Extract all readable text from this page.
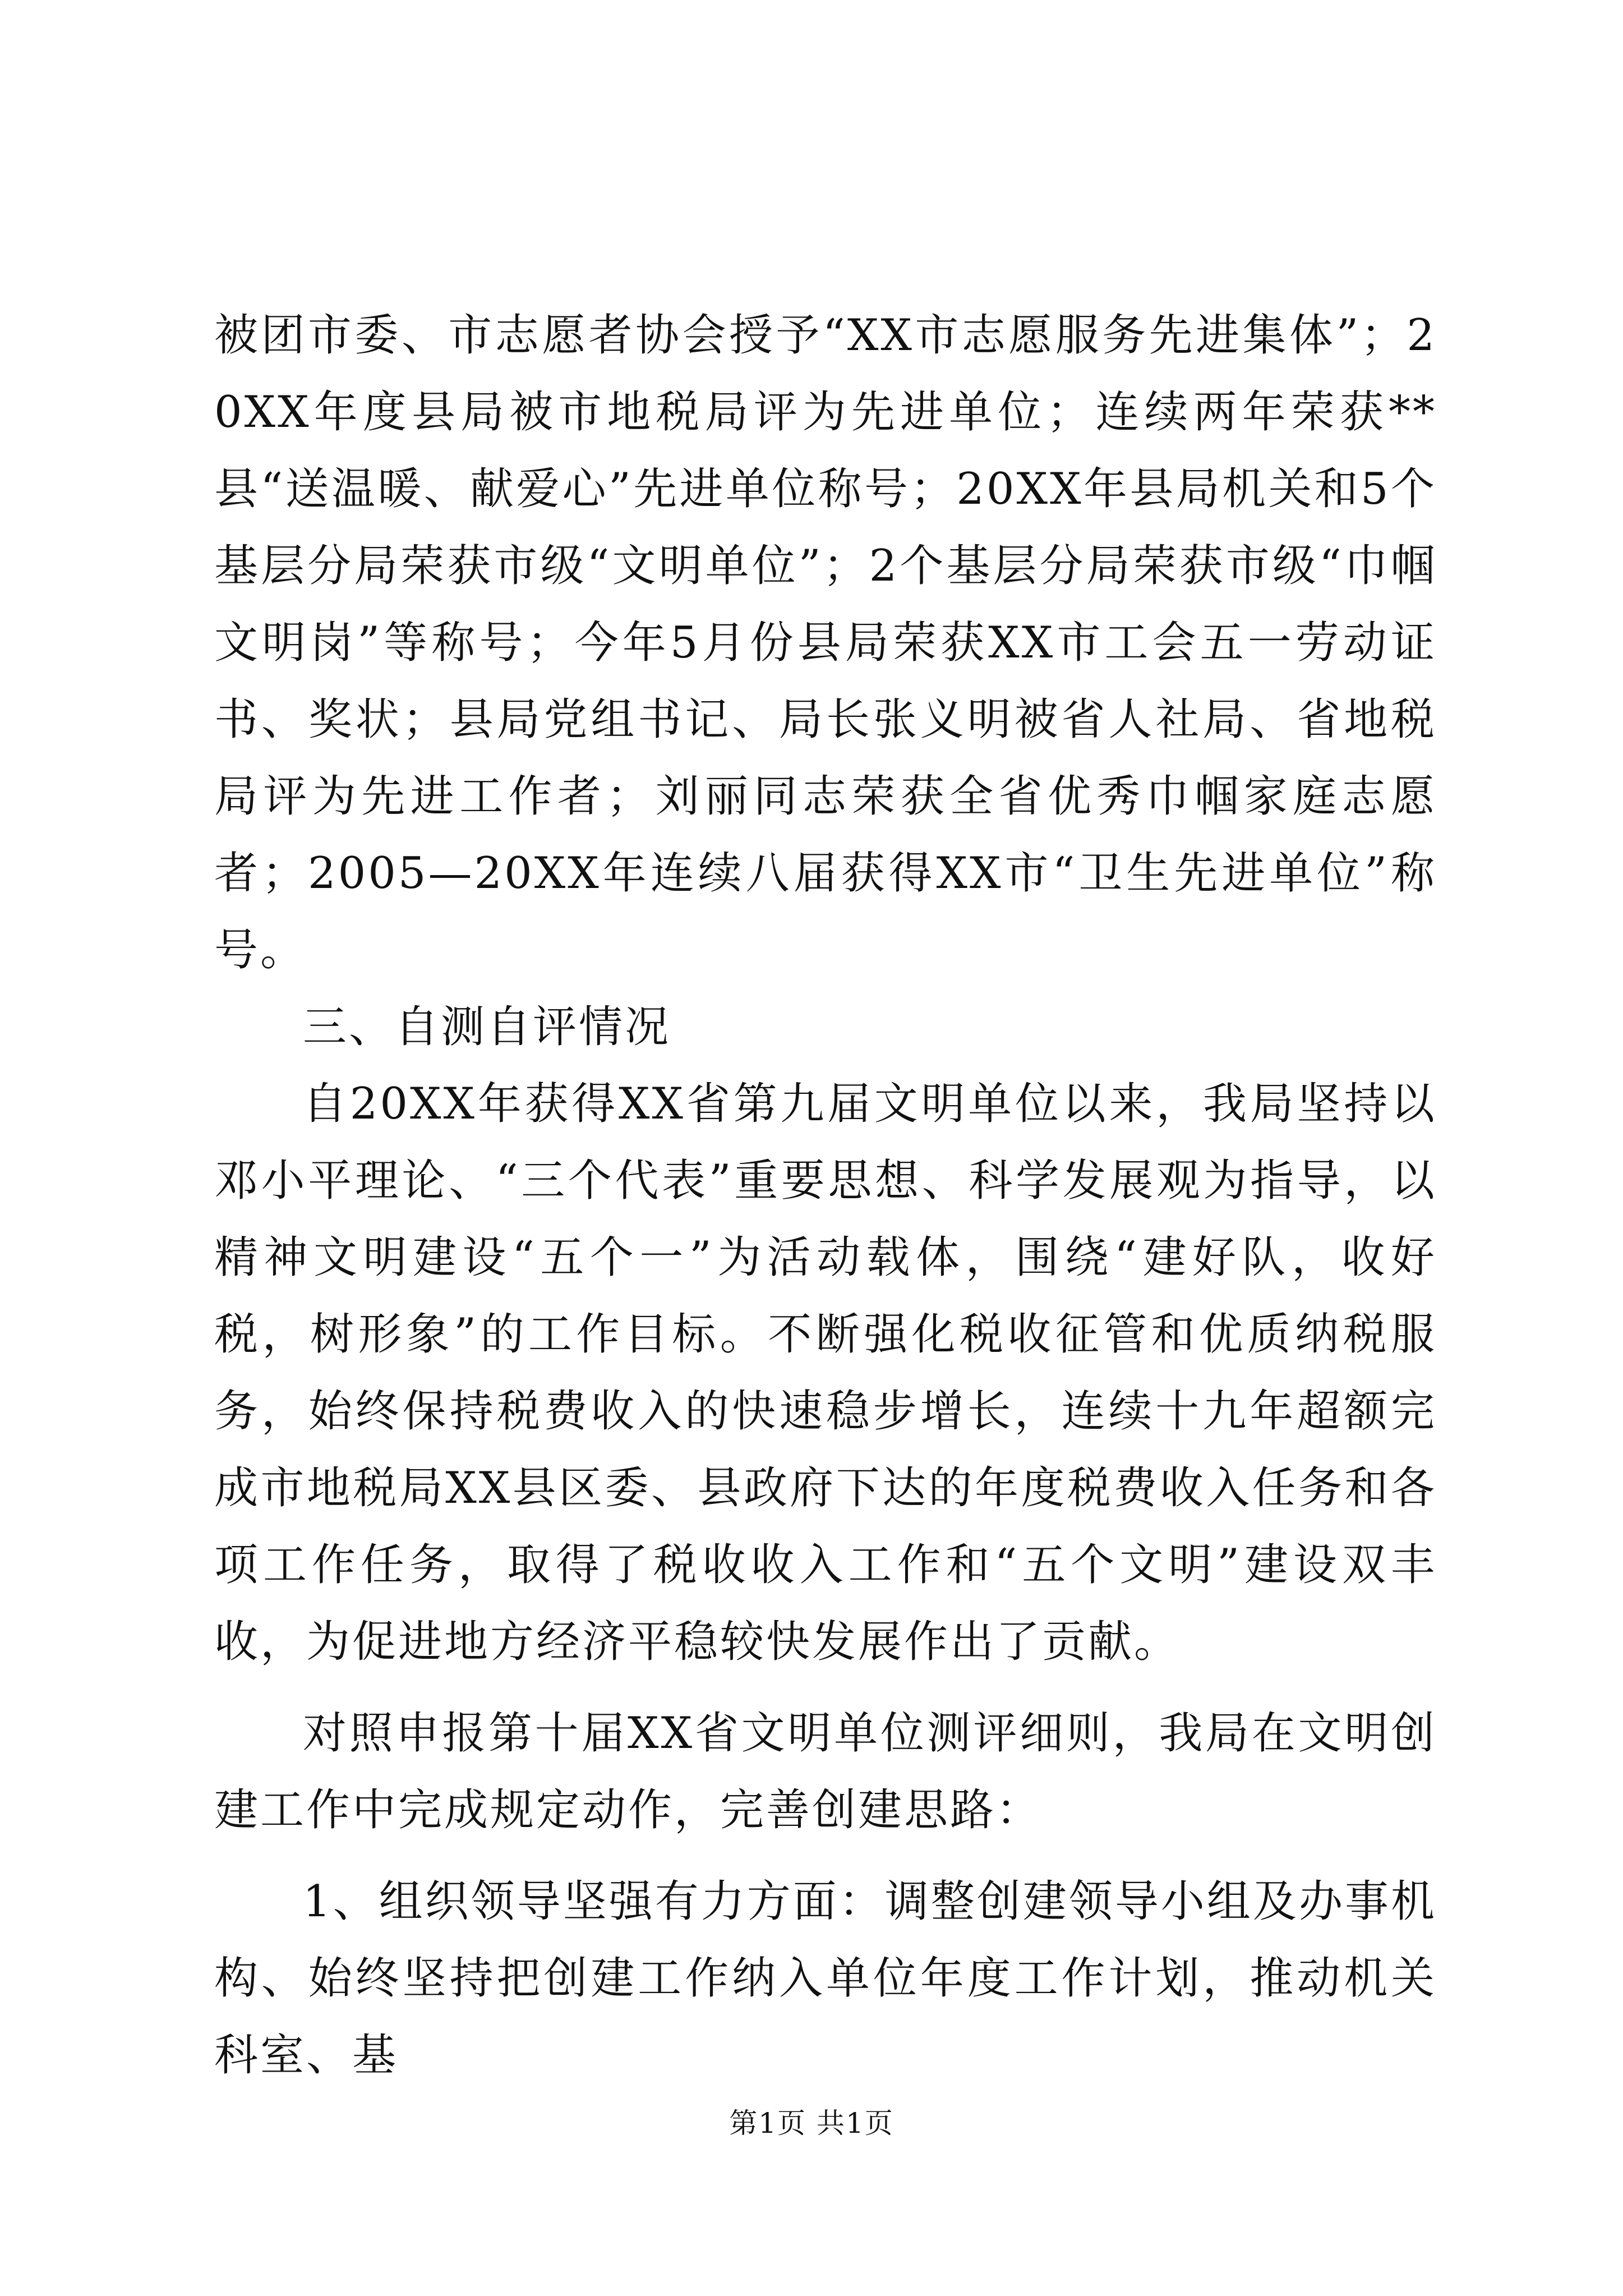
被团市委、市志愿者协会授予“XX市志愿服务先进集体”；20XX年度县局被市地税局评为先进单位；连续两年荣获**县“送温暖、献爱心”先进单位称号；20XX年县局机关和5个基层分局荣获市级“文明单位”；2个基层分局荣获市级“巾帼文明岗”等称号；今年5月份县局荣获XX市工会五一劳动证书、奖状；县局党组书记、局长张义明被省人社局、省地税局评为先进工作者；刘丽同志荣获全省优秀巾帼家庭志愿者；2005—20XX年连续八届获得XX市“卫生先进单位”称号。

三、自测自评情况

自20XX年获得XX省第九届文明单位以来，我局坚持以邓小平理论、“三个代表”重要思想、科学发展观为指导，以精神文明建设“五个一”为活动载体，围绕“建好队，收好税，树形象”的工作目标。不断强化税收征管和优质纳税服务，始终保持税费收入的快速稳步增长，连续十九年超额完成市地税局XX县区委、县政府下达的年度税费收入任务和各项工作任务，取得了税收收入工作和“五个文明”建设双丰收，为促进地方经济平稳较快发展作出了贡献。

对照申报第十届XX省文明单位测评细则，我局在文明创建工作中完成规定动作，完善创建思路：

1、组织领导坚强有力方面：调整创建领导小组及办事机构、始终坚持把创建工作纳入单位年度工作计划，推动机关科室、基

第1页 共1页
